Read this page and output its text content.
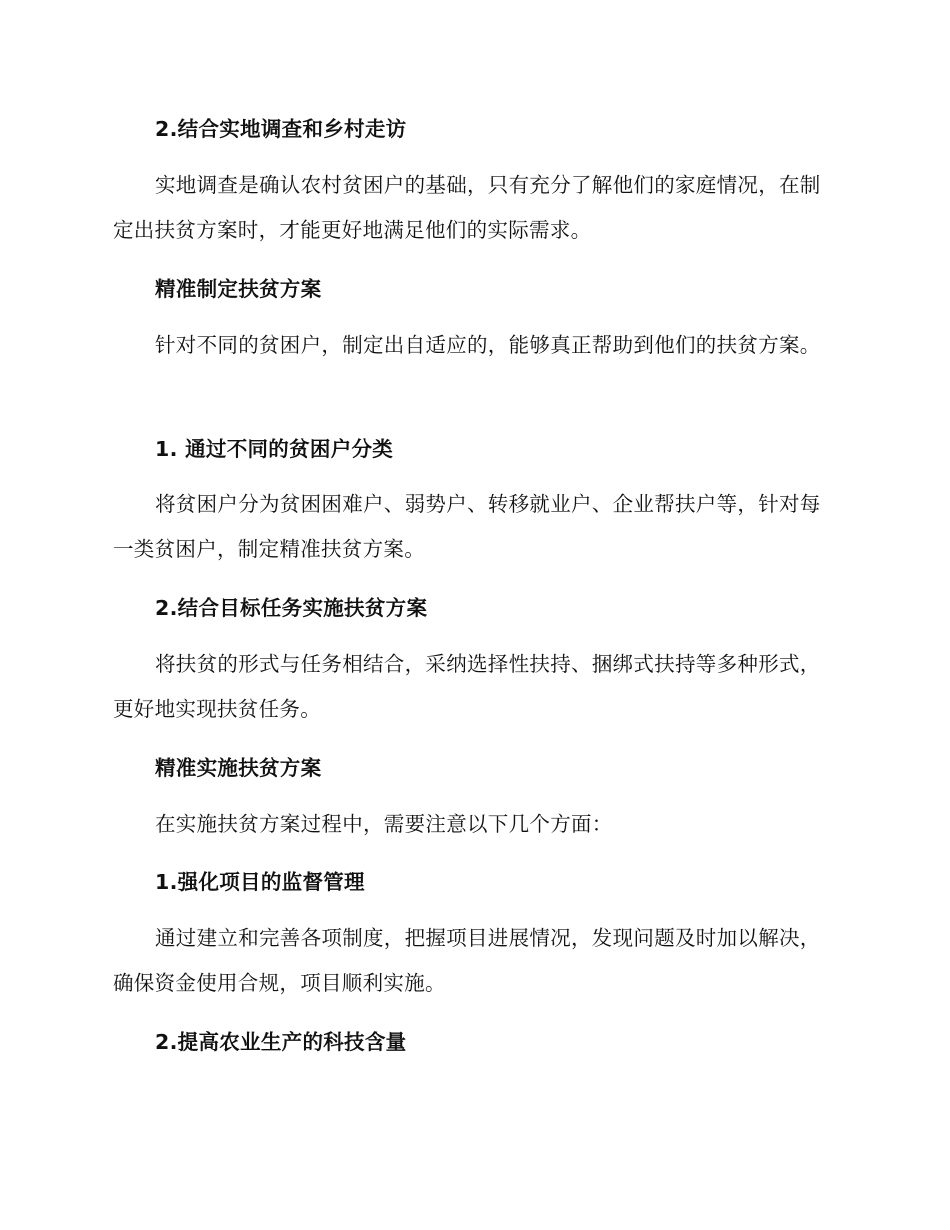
2.结合实地调查和乡村走访

实地调查是确认农村贫困户的基础，只有充分了解他们的家庭情况，在制定出扶贫方案时，才能更好地满足他们的实际需求。

精准制定扶贫方案

针对不同的贫困户，制定出自适应的，能够真正帮助到他们的扶贫方案。

1. 通过不同的贫困户分类

将贫困户分为贫困困难户、弱势户、转移就业户、企业帮扶户等，针对每一类贫困户，制定精准扶贫方案。

2.结合目标任务实施扶贫方案

将扶贫的形式与任务相结合，采纳选择性扶持、捆绑式扶持等多种形式，更好地实现扶贫任务。

精准实施扶贫方案

在实施扶贫方案过程中，需要注意以下几个方面：

1.强化项目的监督管理

通过建立和完善各项制度，把握项目进展情况，发现问题及时加以解决，确保资金使用合规，项目顺利实施。

2.提高农业生产的科技含量
